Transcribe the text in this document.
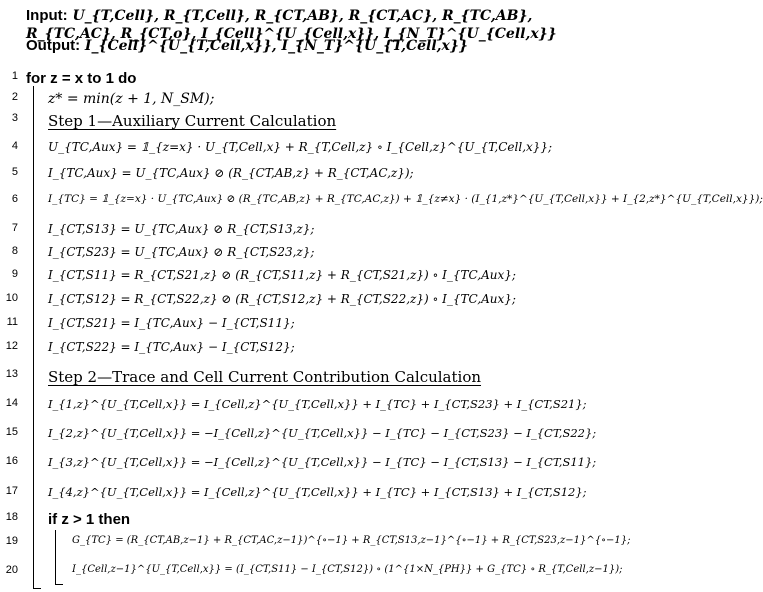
Input: U_{T,Cell}, R_{T,Cell}, R_{CT,AB}, R_{CT,AC}, R_{TC,AB}, R_{TC,AC}, R_{CT,o}, I_{Cell}^{U_{Cell,x}}, I_{N_T}^{U_{Cell,x}}
Output: I_{Cell}^{U_{T,Cell,x}}, I_{N_T}^{U_{T,Cell,x}}
1 for z = x to 1 do
2 z* = min(z + 1, N_SM);
3 Step 1—Auxiliary Current Calculation
4	U_{TC,Aux} = 𝟙_{z=x} · U_{T,Cell,x} + R_{T,Cell,z} ∘ I_{Cell,z}^{U_{T,Cell,x}};
5	I_{TC,Aux} = U_{TC,Aux} ⊘ (R_{CT,AB,z} + R_{CT,AC,z});
6	I_{TC} = 𝟙_{z=x} · U_{TC,Aux} ⊘ (R_{TC,AB,z} + R_{TC,AC,z}) + 𝟙_{z≠x} · (I_{1,z*}^{U_{T,Cell,x}} + I_{2,z*}^{U_{T,Cell,x}});
7	I_{CT,S13} = U_{TC,Aux} ⊘ R_{CT,S13,z};
8	I_{CT,S23} = U_{TC,Aux} ⊘ R_{CT,S23,z};
9	I_{CT,S11} = R_{CT,S21,z} ⊘ (R_{CT,S11,z} + R_{CT,S21,z}) ∘ I_{TC,Aux};
10	I_{CT,S12} = R_{CT,S22,z} ⊘ (R_{CT,S12,z} + R_{CT,S22,z}) ∘ I_{TC,Aux};
11	I_{CT,S21} = I_{TC,Aux} − I_{CT,S11};
12	I_{CT,S22} = I_{TC,Aux} − I_{CT,S12};
13 Step 2—Trace and Cell Current Contribution Calculation
14	I_{1,z}^{U_{T,Cell,x}} = I_{Cell,z}^{U_{T,Cell,x}} + I_{TC} + I_{CT,S23} + I_{CT,S21};
15	I_{2,z}^{U_{T,Cell,x}} = −I_{Cell,z}^{U_{T,Cell,x}} − I_{TC} − I_{CT,S23} − I_{CT,S22};
16	I_{3,z}^{U_{T,Cell,x}} = −I_{Cell,z}^{U_{T,Cell,x}} − I_{TC} − I_{CT,S13} − I_{CT,S11};
17	I_{4,z}^{U_{T,Cell,x}} = I_{Cell,z}^{U_{T,Cell,x}} + I_{TC} + I_{CT,S13} + I_{CT,S12};
18 if z > 1 then
19	G_{TC} = (R_{CT,AB,z−1} + R_{CT,AC,z−1})^{∘−1} + R_{CT,S13,z−1}^{∘−1} + R_{CT,S23,z−1}^{∘−1};
20	I_{Cell,z−1}^{U_{T,Cell,x}} = (I_{CT,S11} − I_{CT,S12}) ∘ (1^{1×N_{PH}} + G_{TC} ∘ R_{T,Cell,z−1});
